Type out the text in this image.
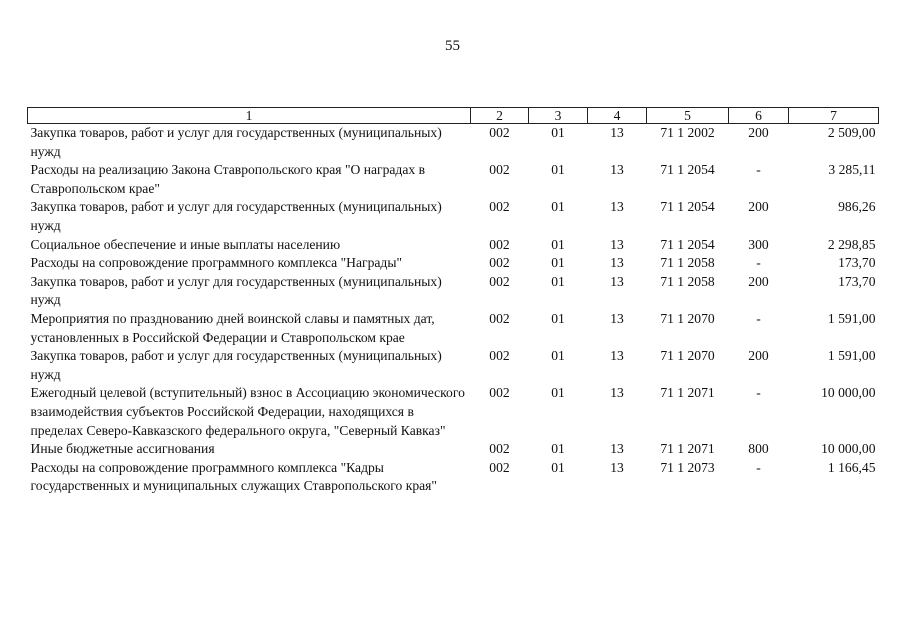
55
1	2	3	4	5	6	7
Закупка товаров, работ и услуг для государственных (муниципальных) нужд	002	01	13	71 1 2002	200	2 509,00
Расходы на реализацию Закона Ставропольского края "О наградах в Ставропольском крае"	002	01	13	71 1 2054	-	3 285,11
Закупка товаров, работ и услуг для государственных (муниципальных) нужд	002	01	13	71 1 2054	200	986,26
Социальное обеспечение и иные выплаты населению	002	01	13	71 1 2054	300	2 298,85
Расходы на сопровождение программного комплекса "Награды"	002	01	13	71 1 2058	-	173,70
Закупка товаров, работ и услуг для государственных (муниципальных) нужд	002	01	13	71 1 2058	200	173,70
Мероприятия по празднованию дней воинской славы и памятных дат, установленных в Российской Федерации и Ставропольском крае	002	01	13	71 1 2070	-	1 591,00
Закупка товаров, работ и услуг для государственных (муниципальных) нужд	002	01	13	71 1 2070	200	1 591,00
Ежегодный целевой (вступительный) взнос в Ассоциацию экономического взаимодействия субъектов Российской Федерации, находящихся в пределах Северо-Кавказского федерального округа, "Северный Кавказ"	002	01	13	71 1 2071	-	10 000,00
Иные бюджетные ассигнования	002	01	13	71 1 2071	800	10 000,00
Расходы на сопровождение программного комплекса "Кадры государственных и муниципальных служащих Ставропольского края"	002	01	13	71 1 2073	-	1 166,45
